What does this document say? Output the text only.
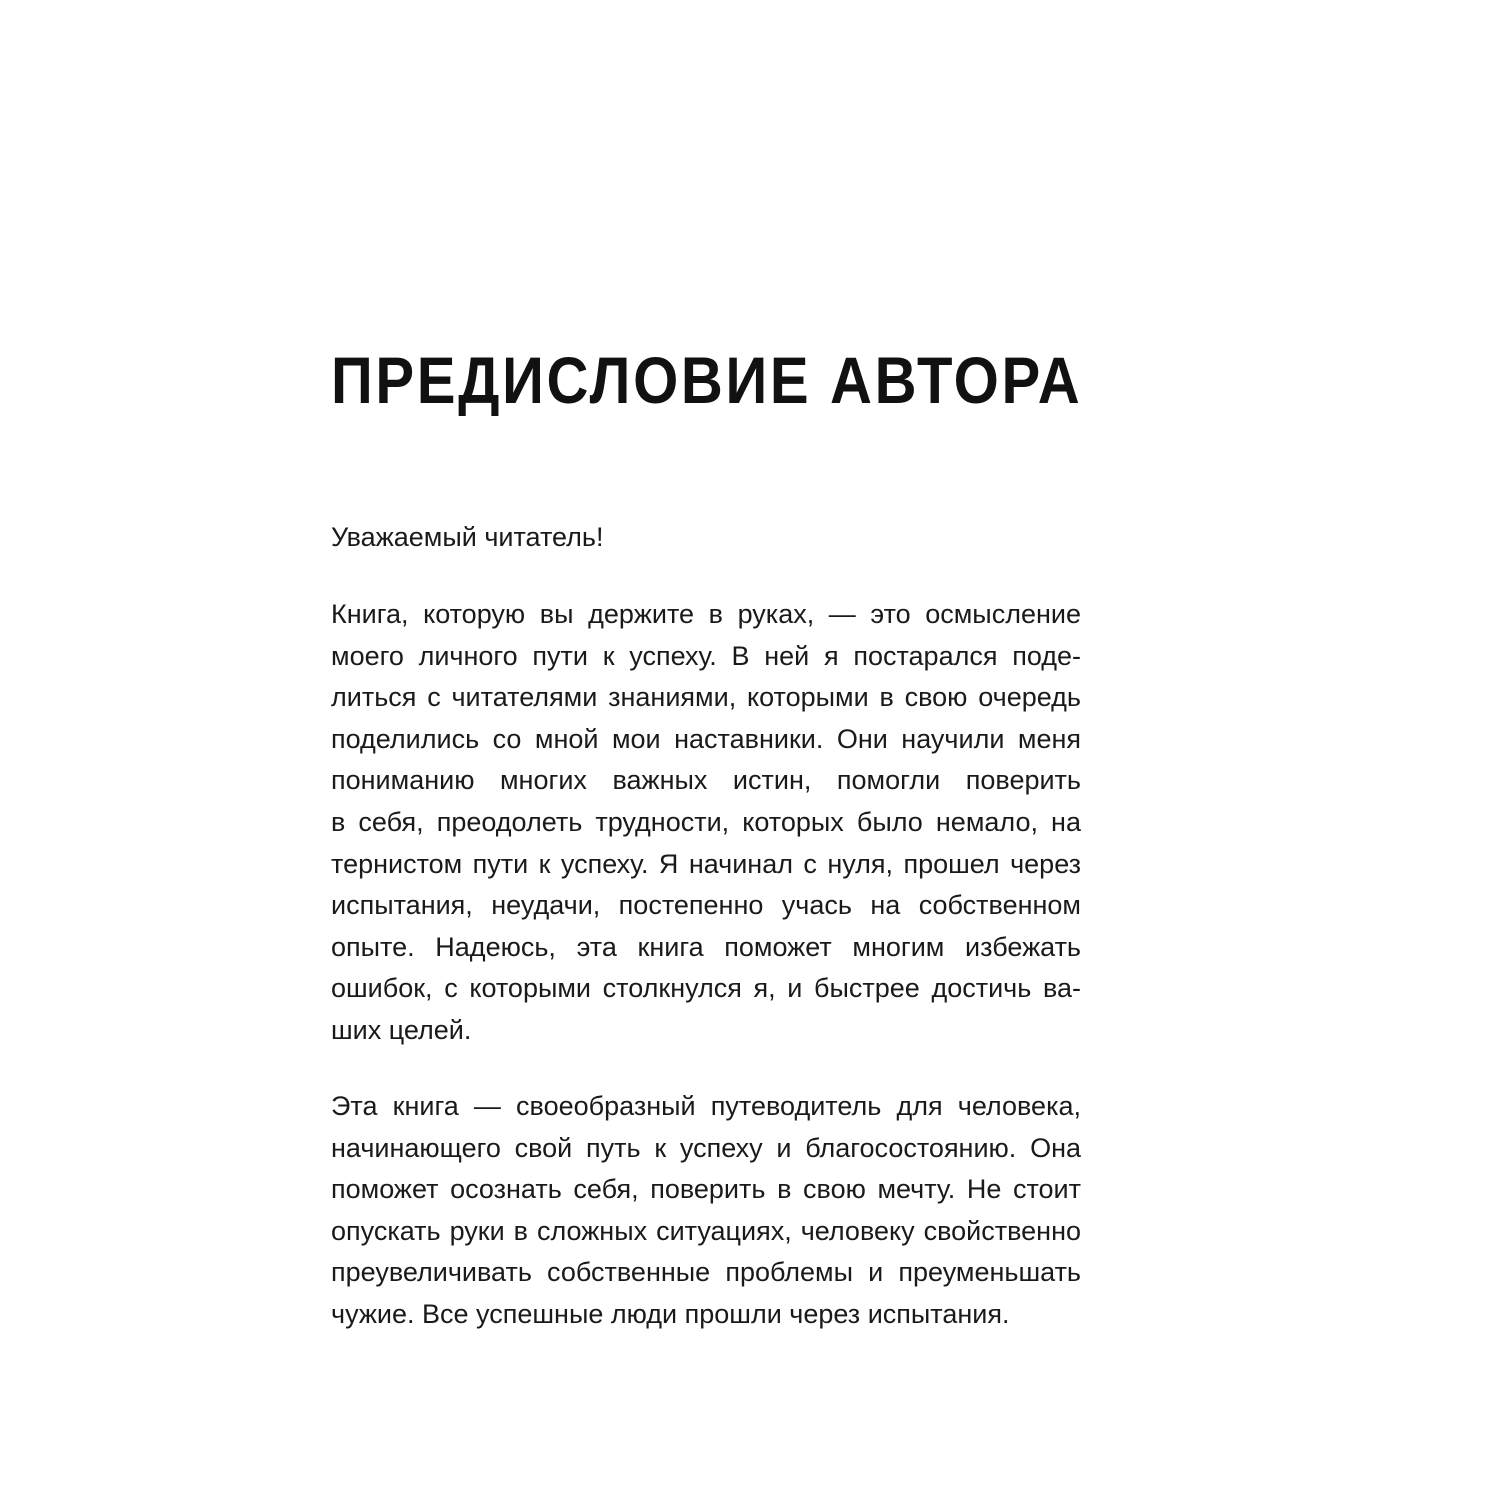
ПРЕДИСЛОВИЕ АВТОРА

Уважаемый читатель!

Книга, которую вы держите в руках, — это осмысление

моего личного пути к успеху. В ней я постарался поде-

литься с читателями знаниями, которыми в свою очередь

поделились со мной мои наставники. Они научили меня

пониманию многих важных истин, помогли поверить

в себя, преодолеть трудности, которых было немало, на

тернистом пути к успеху. Я начинал с нуля, прошел через

испытания, неудачи, постепенно учась на собственном

опыте. Надеюсь, эта книга поможет многим избежать

ошибок, с которыми столкнулся я, и быстрее достичь ва-

ших целей.

Эта книга — своеобразный путеводитель для человека,

начинающего свой путь к успеху и благосостоянию. Она

поможет осознать себя, поверить в свою мечту. Не стоит

опускать руки в сложных ситуациях, человеку свойственно

преувеличивать собственные проблемы и преуменьшать

чужие. Все успешные люди прошли через испытания.
